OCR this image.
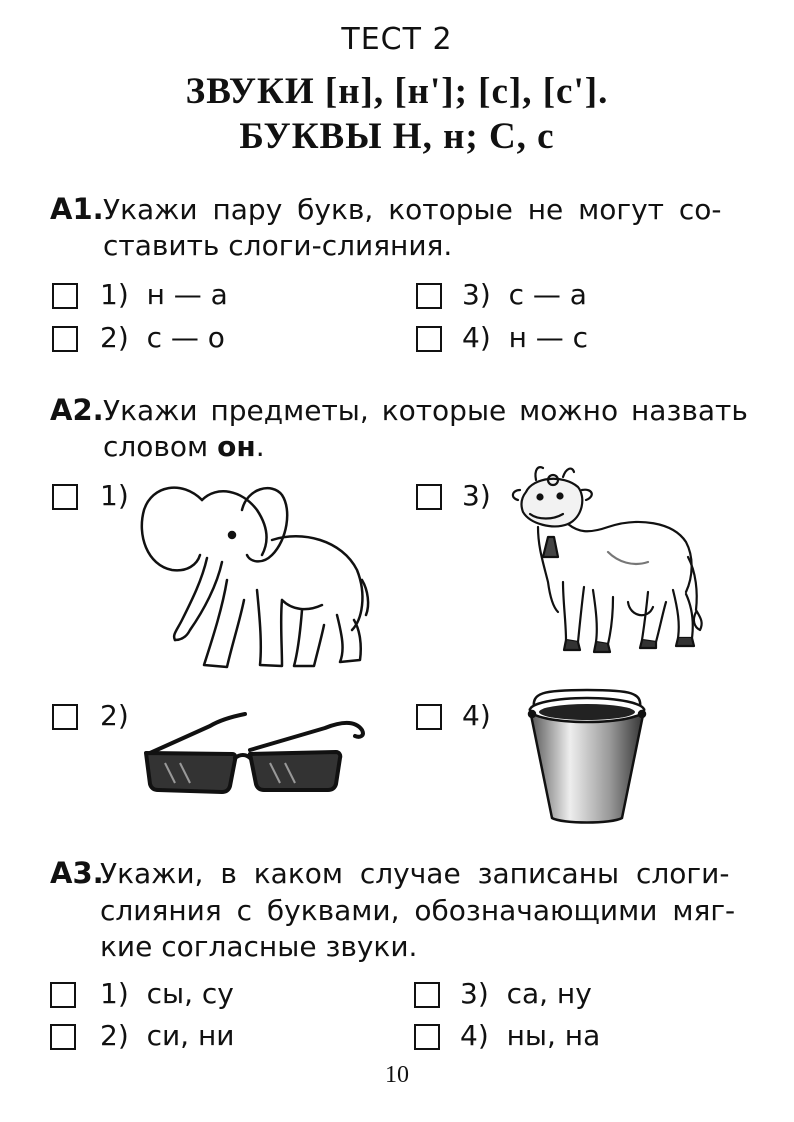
ТЕСТ 2
ЗВУКИ [н], [н']; [с], [с'].
БУКВЫ Н, н; С, с
А1. Укажи пару букв, которые не могут со-
ставить слоги-слияния.
1) н — а
2) с — о
3) с — а
4) н — с
А2. Укажи предметы, которые можно назвать
словом он.
1)
2)
3)
4)
А3.
Укажи, в каком случае записаны слоги-
слияния с буквами, обозначающими мяг-
кие согласные звуки.
1) сы, су
2) си, ни
3) са, ну
4) ны, на
10
